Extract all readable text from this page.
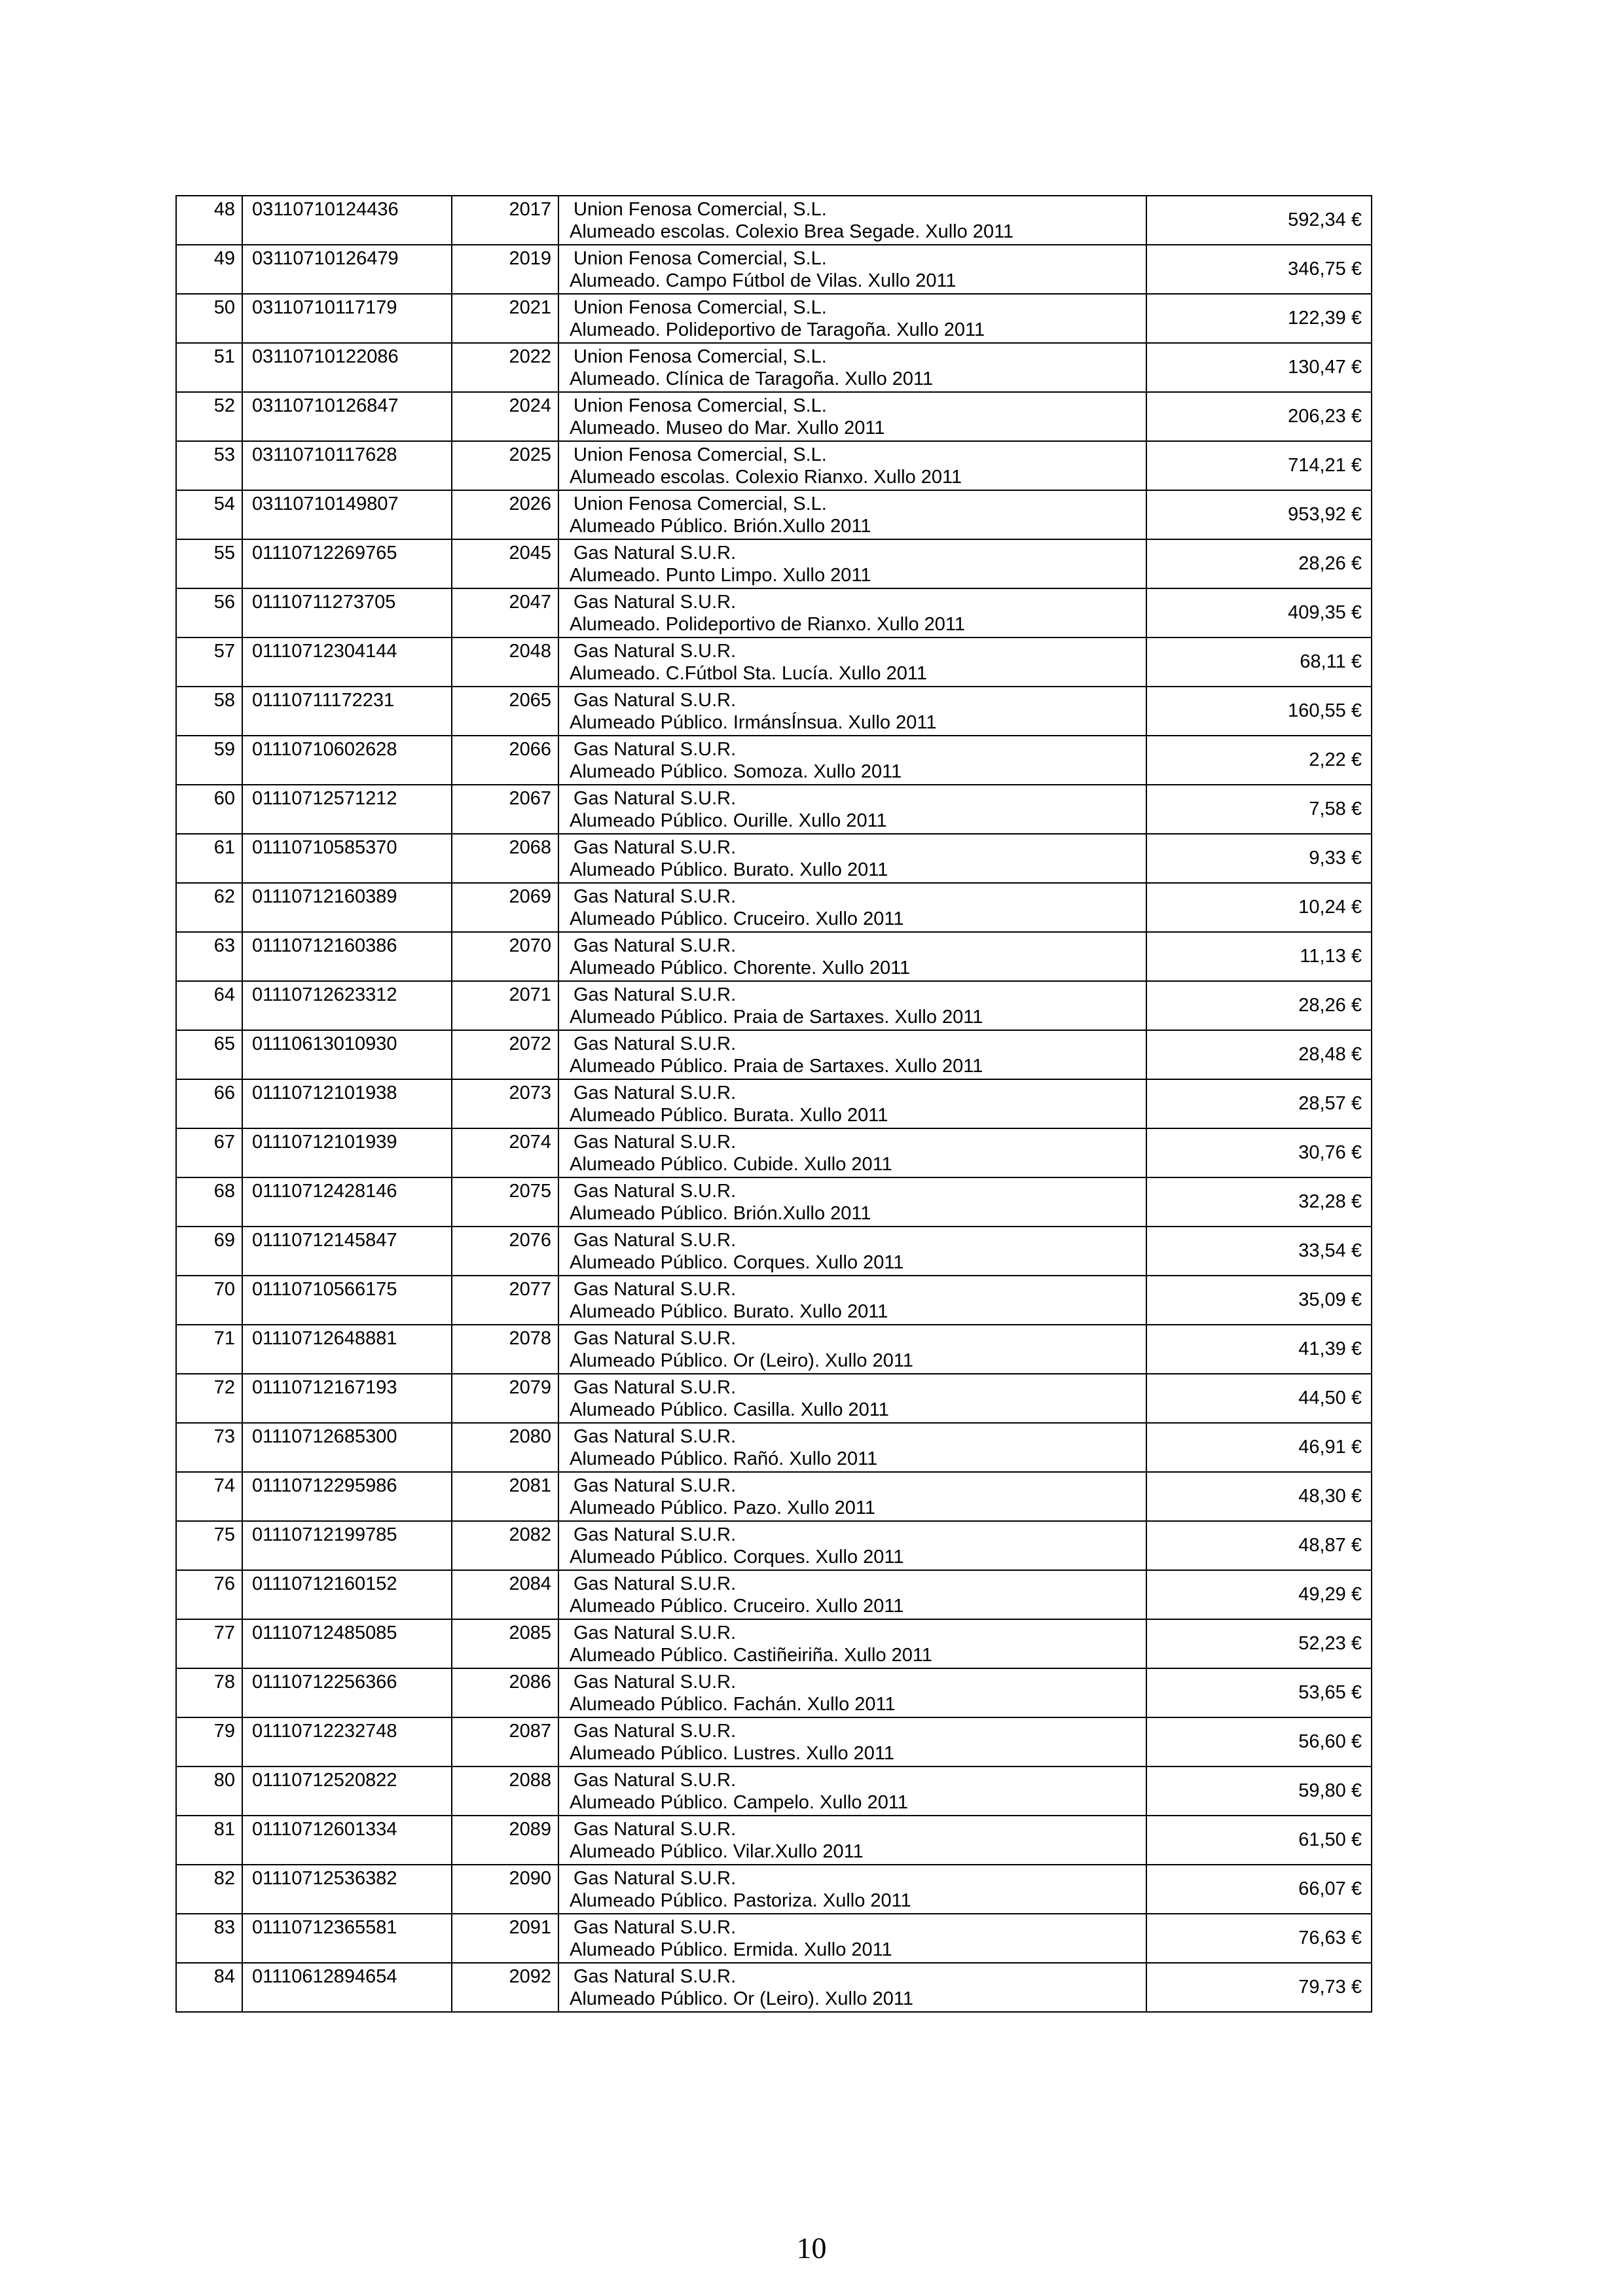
48	03110710124436	2017	Union Fenosa Comercial, S.L.
Alumeado escolas. Colexio Brea Segade. Xullo 2011	592,34 €

49	03110710126479	2019	Union Fenosa Comercial, S.L.
Alumeado. Campo Fútbol de Vilas. Xullo 2011	346,75 €

50	03110710117179	2021	Union Fenosa Comercial, S.L.
Alumeado. Polideportivo de Taragoña. Xullo 2011	122,39 €

51	03110710122086	2022	Union Fenosa Comercial, S.L.
Alumeado. Clínica de Taragoña. Xullo 2011	130,47 €

52	03110710126847	2024	Union Fenosa Comercial, S.L.
Alumeado. Museo do Mar. Xullo 2011	206,23 €

53	03110710117628	2025	Union Fenosa Comercial, S.L.
Alumeado escolas. Colexio Rianxo. Xullo 2011	714,21 €

54	03110710149807	2026	Union Fenosa Comercial, S.L.
Alumeado Público. Brión.Xullo 2011	953,92 €

55	01110712269765	2045	Gas Natural S.U.R.
Alumeado. Punto Limpo. Xullo 2011	28,26 €

56	01110711273705	2047	Gas Natural S.U.R.
Alumeado. Polideportivo de Rianxo. Xullo 2011	409,35 €

57	01110712304144	2048	Gas Natural S.U.R.
Alumeado. C.Fútbol Sta. Lucía. Xullo 2011	68,11 €

58	01110711172231	2065	Gas Natural S.U.R.
Alumeado Público. IrmánsÍnsua. Xullo 2011	160,55 €

59	01110710602628	2066	Gas Natural S.U.R.
Alumeado Público. Somoza. Xullo 2011	2,22 €

60	01110712571212	2067	Gas Natural S.U.R.
Alumeado Público. Ourille. Xullo 2011	7,58 €

61	01110710585370	2068	Gas Natural S.U.R.
Alumeado Público. Burato. Xullo 2011	9,33 €

62	01110712160389	2069	Gas Natural S.U.R.
Alumeado Público. Cruceiro. Xullo 2011	10,24 €

63	01110712160386	2070	Gas Natural S.U.R.
Alumeado Público. Chorente. Xullo 2011	11,13 €

64	01110712623312	2071	Gas Natural S.U.R.
Alumeado Público. Praia de Sartaxes. Xullo 2011	28,26 €

65	01110613010930	2072	Gas Natural S.U.R.
Alumeado Público. Praia de Sartaxes. Xullo 2011	28,48 €

66	01110712101938	2073	Gas Natural S.U.R.
Alumeado Público. Burata. Xullo 2011	28,57 €

67	01110712101939	2074	Gas Natural S.U.R.
Alumeado Público. Cubide. Xullo 2011	30,76 €

68	01110712428146	2075	Gas Natural S.U.R.
Alumeado Público. Brión.Xullo 2011	32,28 €

69	01110712145847	2076	Gas Natural S.U.R.
Alumeado Público. Corques. Xullo 2011	33,54 €

70	01110710566175	2077	Gas Natural S.U.R.
Alumeado Público. Burato. Xullo 2011	35,09 €

71	01110712648881	2078	Gas Natural S.U.R.
Alumeado Público. Or (Leiro). Xullo 2011	41,39 €

72	01110712167193	2079	Gas Natural S.U.R.
Alumeado Público. Casilla. Xullo 2011	44,50 €

73	01110712685300	2080	Gas Natural S.U.R.
Alumeado Público. Rañó. Xullo 2011	46,91 €

74	01110712295986	2081	Gas Natural S.U.R.
Alumeado Público. Pazo. Xullo 2011	48,30 €

75	01110712199785	2082	Gas Natural S.U.R.
Alumeado Público. Corques. Xullo 2011	48,87 €

76	01110712160152	2084	Gas Natural S.U.R.
Alumeado Público. Cruceiro. Xullo 2011	49,29 €

77	01110712485085	2085	Gas Natural S.U.R.
Alumeado Público. Castiñeiriña. Xullo 2011	52,23 €

78	01110712256366	2086	Gas Natural S.U.R.
Alumeado Público. Fachán. Xullo 2011	53,65 €

79	01110712232748	2087	Gas Natural S.U.R.
Alumeado Público. Lustres. Xullo 2011	56,60 €

80	01110712520822	2088	Gas Natural S.U.R.
Alumeado Público. Campelo. Xullo 2011	59,80 €

81	01110712601334	2089	Gas Natural S.U.R.
Alumeado Público. Vilar.Xullo 2011	61,50 €

82	01110712536382	2090	Gas Natural S.U.R.
Alumeado Público. Pastoriza. Xullo 2011	66,07 €

83	01110712365581	2091	Gas Natural S.U.R.
Alumeado Público. Ermida. Xullo 2011	76,63 €

84	01110612894654	2092	Gas Natural S.U.R.
Alumeado Público. Or (Leiro). Xullo 2011	79,73 €
10
